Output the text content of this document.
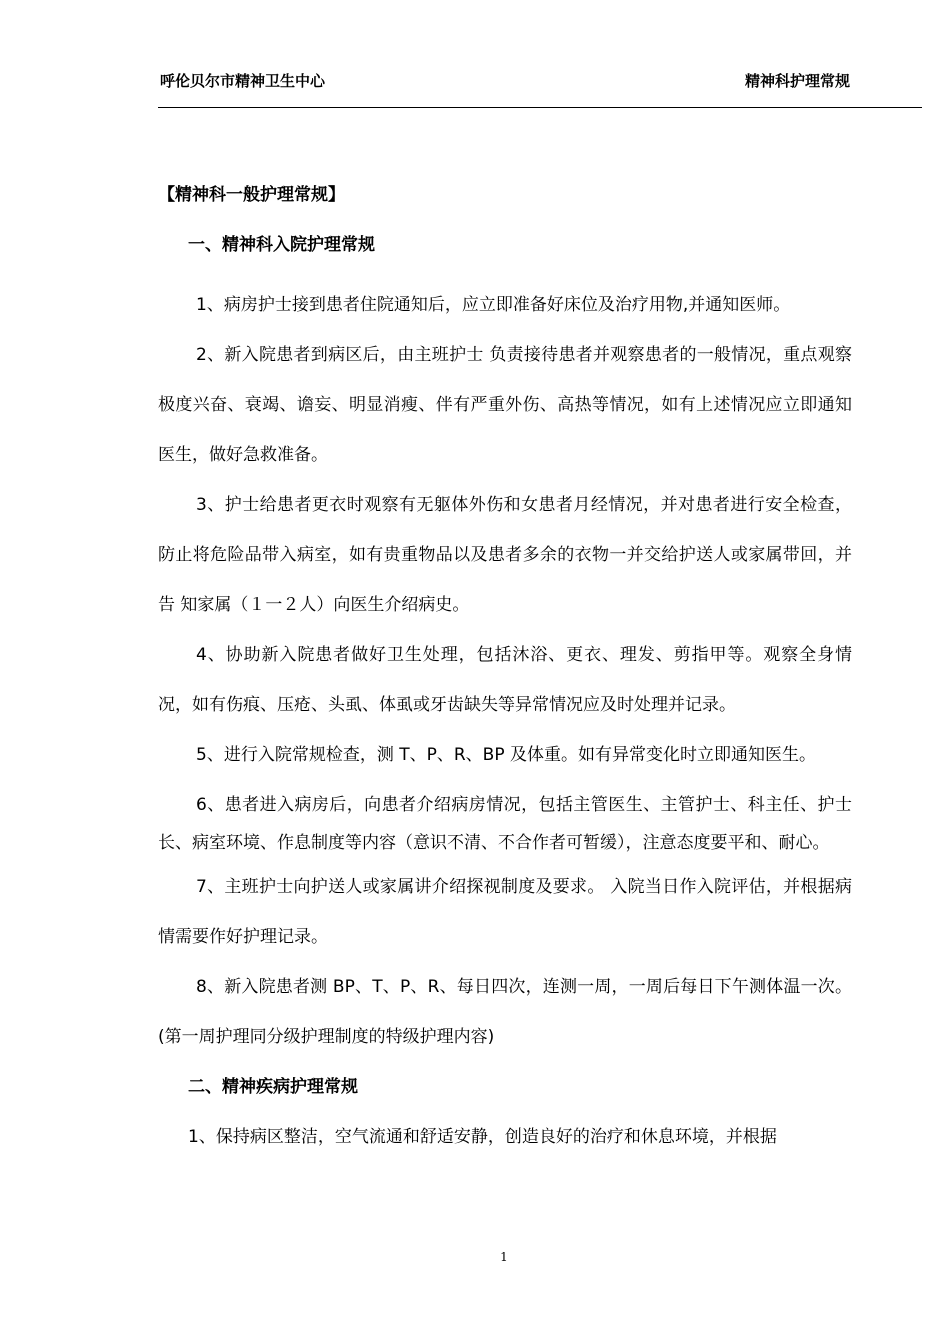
呼伦贝尔市精神卫生中心	精神科护理常规
【精神科一般护理常规】
一、精神科入院护理常规

1、病房护士接到患者住院通知后，应立即准备好床位及治疗用物,并通知医师。

2、新入院患者到病区后，由主班护士 负责接待患者并观察患者的一般情况，重点观察极度兴奋、衰竭、谵妄、明显消瘦、伴有严重外伤、高热等情况，如有上述情况应立即通知医生，做好急救准备。

3、护士给患者更衣时观察有无躯体外伤和女患者月经情况，并对患者进行安全检查，防止将危险品带入病室，如有贵重物品以及患者多余的衣物一并交给护送人或家属带回，并告 知家属（１一２人）向医生介绍病史。

4、协助新入院患者做好卫生处理，包括沐浴、更衣、理发、剪指甲等。观察全身情况，如有伤痕、压疮、头虱、体虱或牙齿缺失等异常情况应及时处理并记录。

5、进行入院常规检查，测 T、P、R、BP 及体重。如有异常变化时立即通知医生。

6、患者进入病房后，向患者介绍病房情况，包括主管医生、主管护士、科主任、护士长、病室环境、作息制度等内容（意识不清、不合作者可暂缓），注意态度要平和、耐心。

7、主班护士向护送人或家属讲介绍探视制度及要求。 入院当日作入院评估，并根据病情需要作好护理记录。

8、新入院患者测 BP、T、P、R、每日四次，连测一周，一周后每日下午测体温一次。(第一周护理同分级护理制度的特级护理内容)

二、精神疾病护理常规

1、保持病区整洁，空气流通和舒适安静，创造良好的治疗和休息环境，并根据

1
